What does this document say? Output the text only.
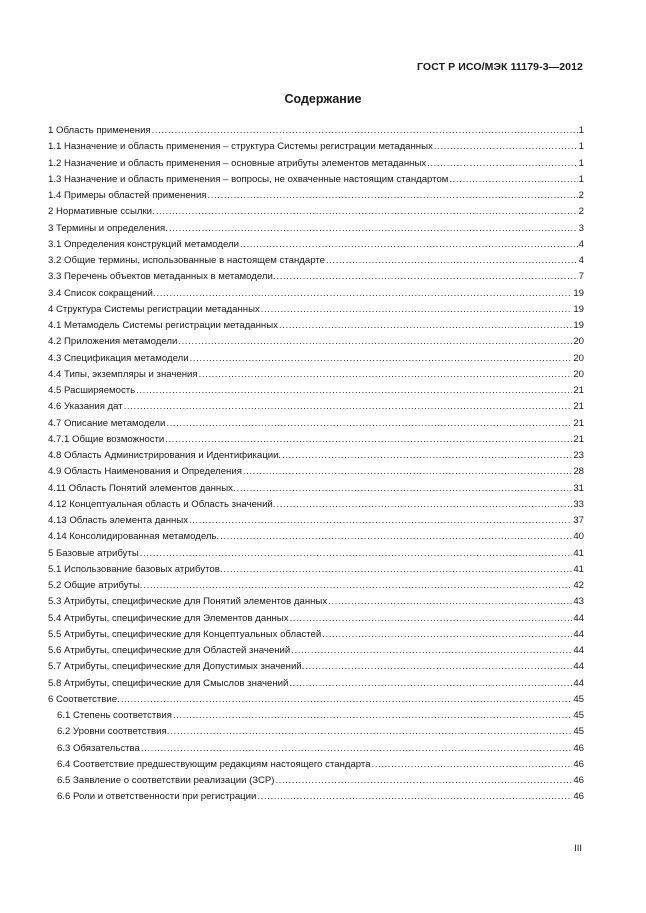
ГОСТ Р ИСО/МЭК 11179-3—2012
Содержание
1 Область применения .....	1
1.1 Назначение и область применения – структура Системы регистрации метаданных .....	1
1.2 Назначение и область применения – основные атрибуты элементов метаданных .....	1
1.3 Назначение и область применения – вопросы, не охваченные настоящим стандартом .....	1
1.4 Примеры областей применения .....	2
2 Нормативные ссылки. .....	2
3 Термины и определения. .....	3
3.1 Определения конструкций метамодели .....	4
3.2 Общие термины, использованные в настоящем стандарте .....	4
3.3 Перечень объектов метаданных в метамодели. .....	7
3.4 Список сокращений. .....	19
4 Структура Системы регистрации метаданных .....	19
4.1 Метамодель Системы регистрации метаданных .....	19
4.2 Приложения метамодели .....	20
4.3 Спецификация метамодели .....	20
4.4 Типы, экземпляры и значения .....	20
4.5 Расширяемость .....	21
4.6 Указания дат .....	21
4.7 Описание метамодели .....	21
4.7.1 Общие возможности .....	21
4.8 Область Администрирования и Идентификации. .....	23
4.9 Область Наименования и Определения .....	28
4.11 Область Понятий элементов данных. .....	31
4.12 Концептуальная область и Область значений. .....	33
4.13 Область элемента данных .....	37
4.14 Консолидированная метамодель. .....	40
5 Базовые атрибуты .....	41
5.1 Использование базовых атрибутов. .....	41
5.2 Общие атрибуты. .....	42
5.3 Атрибуты, специфические для Понятий элементов данных .....	43
5.4 Атрибуты, специфические для Элементов данных .....	44
5.5 Атрибуты, специфические для Концептуальных областей .....	44
5.6 Атрибуты, специфические для Областей значений .....	44
5.7 Атрибуты, специфические для Допустимых значений. .....	44
5.8 Атрибуты, специфические для Смыслов значений .....	44
6 Соответствие. .....	45
6.1 Степень соответствия .....	45
6.2 Уровни соответствия. .....	45
6.3 Обязательства .....	46
6.4 Соответствие предшествующим редакциям настоящего стандарта .....	46
6.5 Заявление о соответствии реализации (ЗСР) .....	46
6.6 Роли и ответственности при регистрации .....	46
III
